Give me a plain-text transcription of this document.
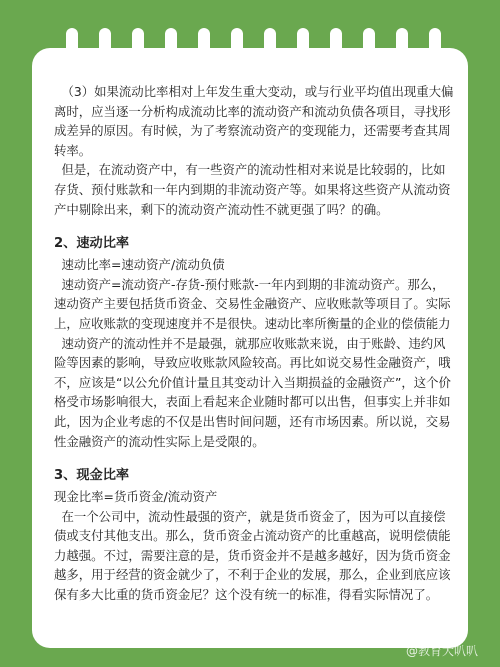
（3）如果流动比率相对上年发生重大变动，或与行业平均值出现重大偏离时，应当逐一分析构成流动比率的流动资产和流动负债各项目，寻找形成差异的原因。有时候，为了考察流动资产的变现能力，还需要考查其周转率。

但是，在流动资产中，有一些资产的流动性相对来说是比较弱的，比如存货、预付账款和一年内到期的非流动资产等。如果将这些资产从流动资产中剔除出来，剩下的流动资产流动性不就更强了吗？的确。

2、速动比率

速动比率=速动资产/流动负债

速动资产=流动资产-存货-预付账款-一年内到期的非流动资产。那么，速动资产主要包括货币资金、交易性金融资产、应收账款等项目了。实际上，应收账款的变现速度并不是很快。速动比率所衡量的企业的偿债能力

速动资产的流动性并不是最强，就那应收账款来说，由于账龄、违约风险等因素的影响，导致应收账款风险较高。再比如说交易性金融资产，哦不，应该是“以公允价值计量且其变动计入当期损益的金融资产”，这个价格受市场影响很大，表面上看起来企业随时都可以出售，但事实上并非如此，因为企业考虑的不仅是出售时间问题，还有市场因素。所以说，交易性金融资产的流动性实际上是受限的。

3、现金比率

现金比率=货币资金/流动资产

在一个公司中，流动性最强的资产，就是货币资金了，因为可以直接偿债或支付其他支出。那么，货币资金占流动资产的比重越高，说明偿债能力越强。不过，需要注意的是，货币资金并不是越多越好，因为货币资金越多，用于经营的资金就少了，不利于企业的发展，那么，企业到底应该保有多大比重的货币资金尼？这个没有统一的标准，得看实际情况了。

@教育大叭叭
